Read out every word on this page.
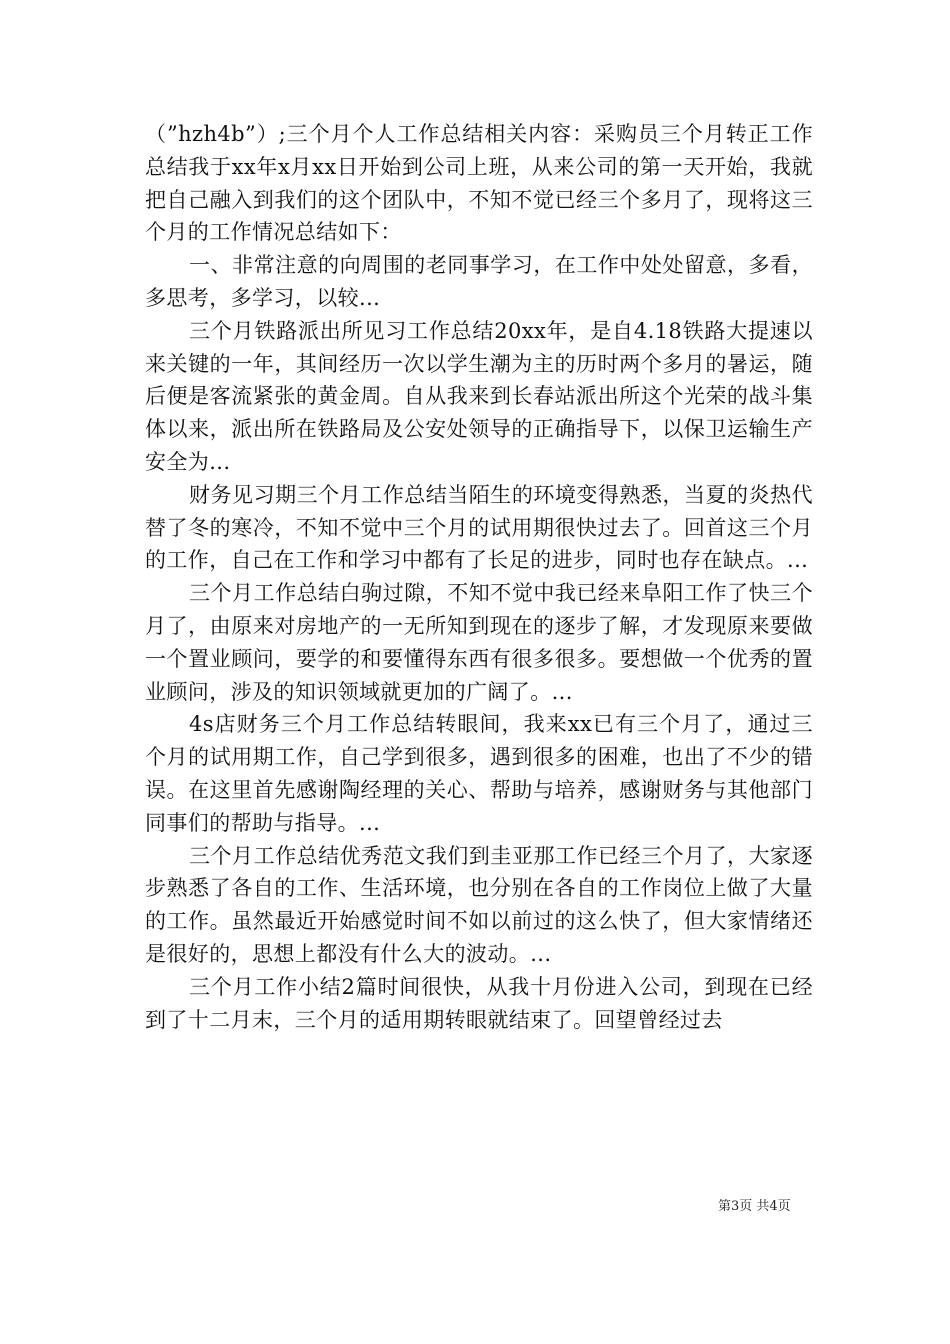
（”hzh4b”）;三个月个人工作总结相关内容：采购员三个月转正工作总结我于xx年x月xx日开始到公司上班，从来公司的第一天开始，我就把自己融入到我们的这个团队中，不知不觉已经三个多月了，现将这三个月的工作情况总结如下：

一、非常注意的向周围的老同事学习，在工作中处处留意，多看，多思考，多学习，以较...

三个月铁路派出所见习工作总结20xx年，是自4.18铁路大提速以来关键的一年，其间经历一次以学生潮为主的历时两个多月的暑运，随后便是客流紧张的黄金周。自从我来到长春站派出所这个光荣的战斗集体以来，派出所在铁路局及公安处领导的正确指导下，以保卫运输生产安全为...

财务见习期三个月工作总结当陌生的环境变得熟悉，当夏的炎热代替了冬的寒冷，不知不觉中三个月的试用期很快过去了。回首这三个月的工作，自己在工作和学习中都有了长足的进步，同时也存在缺点。...

三个月工作总结白驹过隙，不知不觉中我已经来阜阳工作了快三个月了，由原来对房地产的一无所知到现在的逐步了解，才发现原来要做一个置业顾问，要学的和要懂得东西有很多很多。要想做一个优秀的置业顾问，涉及的知识领域就更加的广阔了。...

4s店财务三个月工作总结转眼间，我来xx已有三个月了，通过三个月的试用期工作，自己学到很多，遇到很多的困难，也出了不少的错误。在这里首先感谢陶经理的关心、帮助与培养，感谢财务与其他部门同事们的帮助与指导。...

三个月工作总结优秀范文我们到圭亚那工作已经三个月了，大家逐步熟悉了各自的工作、生活环境，也分别在各自的工作岗位上做了大量的工作。虽然最近开始感觉时间不如以前过的这么快了，但大家情绪还是很好的，思想上都没有什么大的波动。...

三个月工作小结2篇时间很快，从我十月份进入公司，到现在已经到了十二月末，三个月的适用期转眼就结束了。回望曾经过去

第3页 共4页
